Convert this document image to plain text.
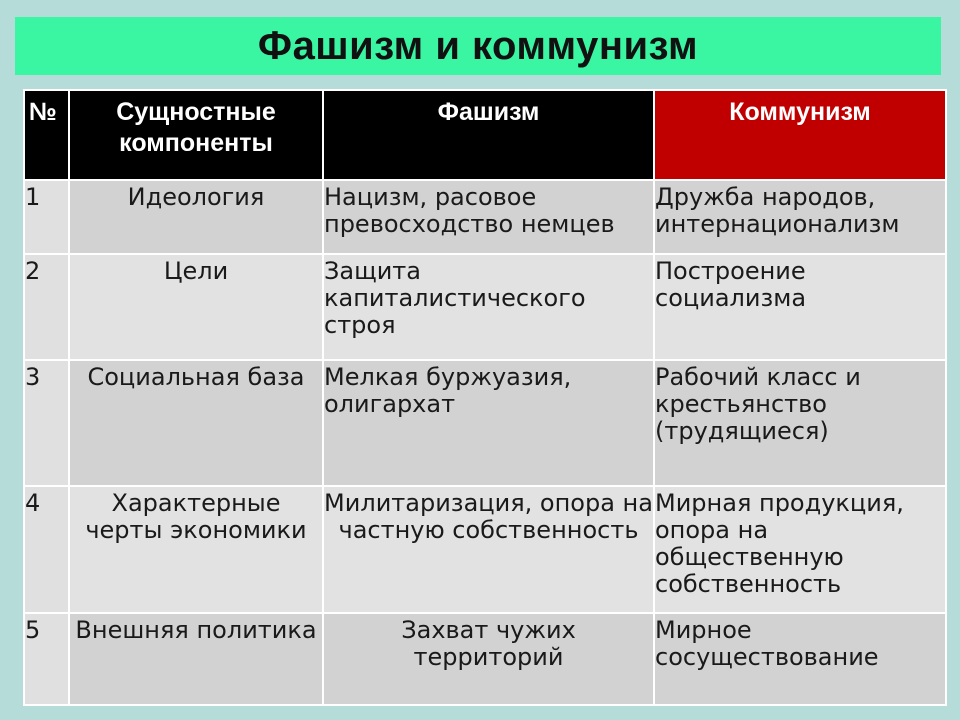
Фашизм и коммунизм
№	Сущностные компоненты	Фашизм	Коммунизм
1	Идеология	Нацизм, расовое превосходство немцев	Дружба народов, интернационализм
2	Цели	Защита капиталистического строя	Построение социализма
3	Социальная база	Мелкая буржуазия, олигархат	Рабочий класс и крестьянство (трудящиеся)
4	Характерные черты экономики	Милитаризация, опора на частную собственность	Мирная продукция, опора на общественную собственность
5	Внешняя политика	Захват чужих территорий	Мирное сосуществование
